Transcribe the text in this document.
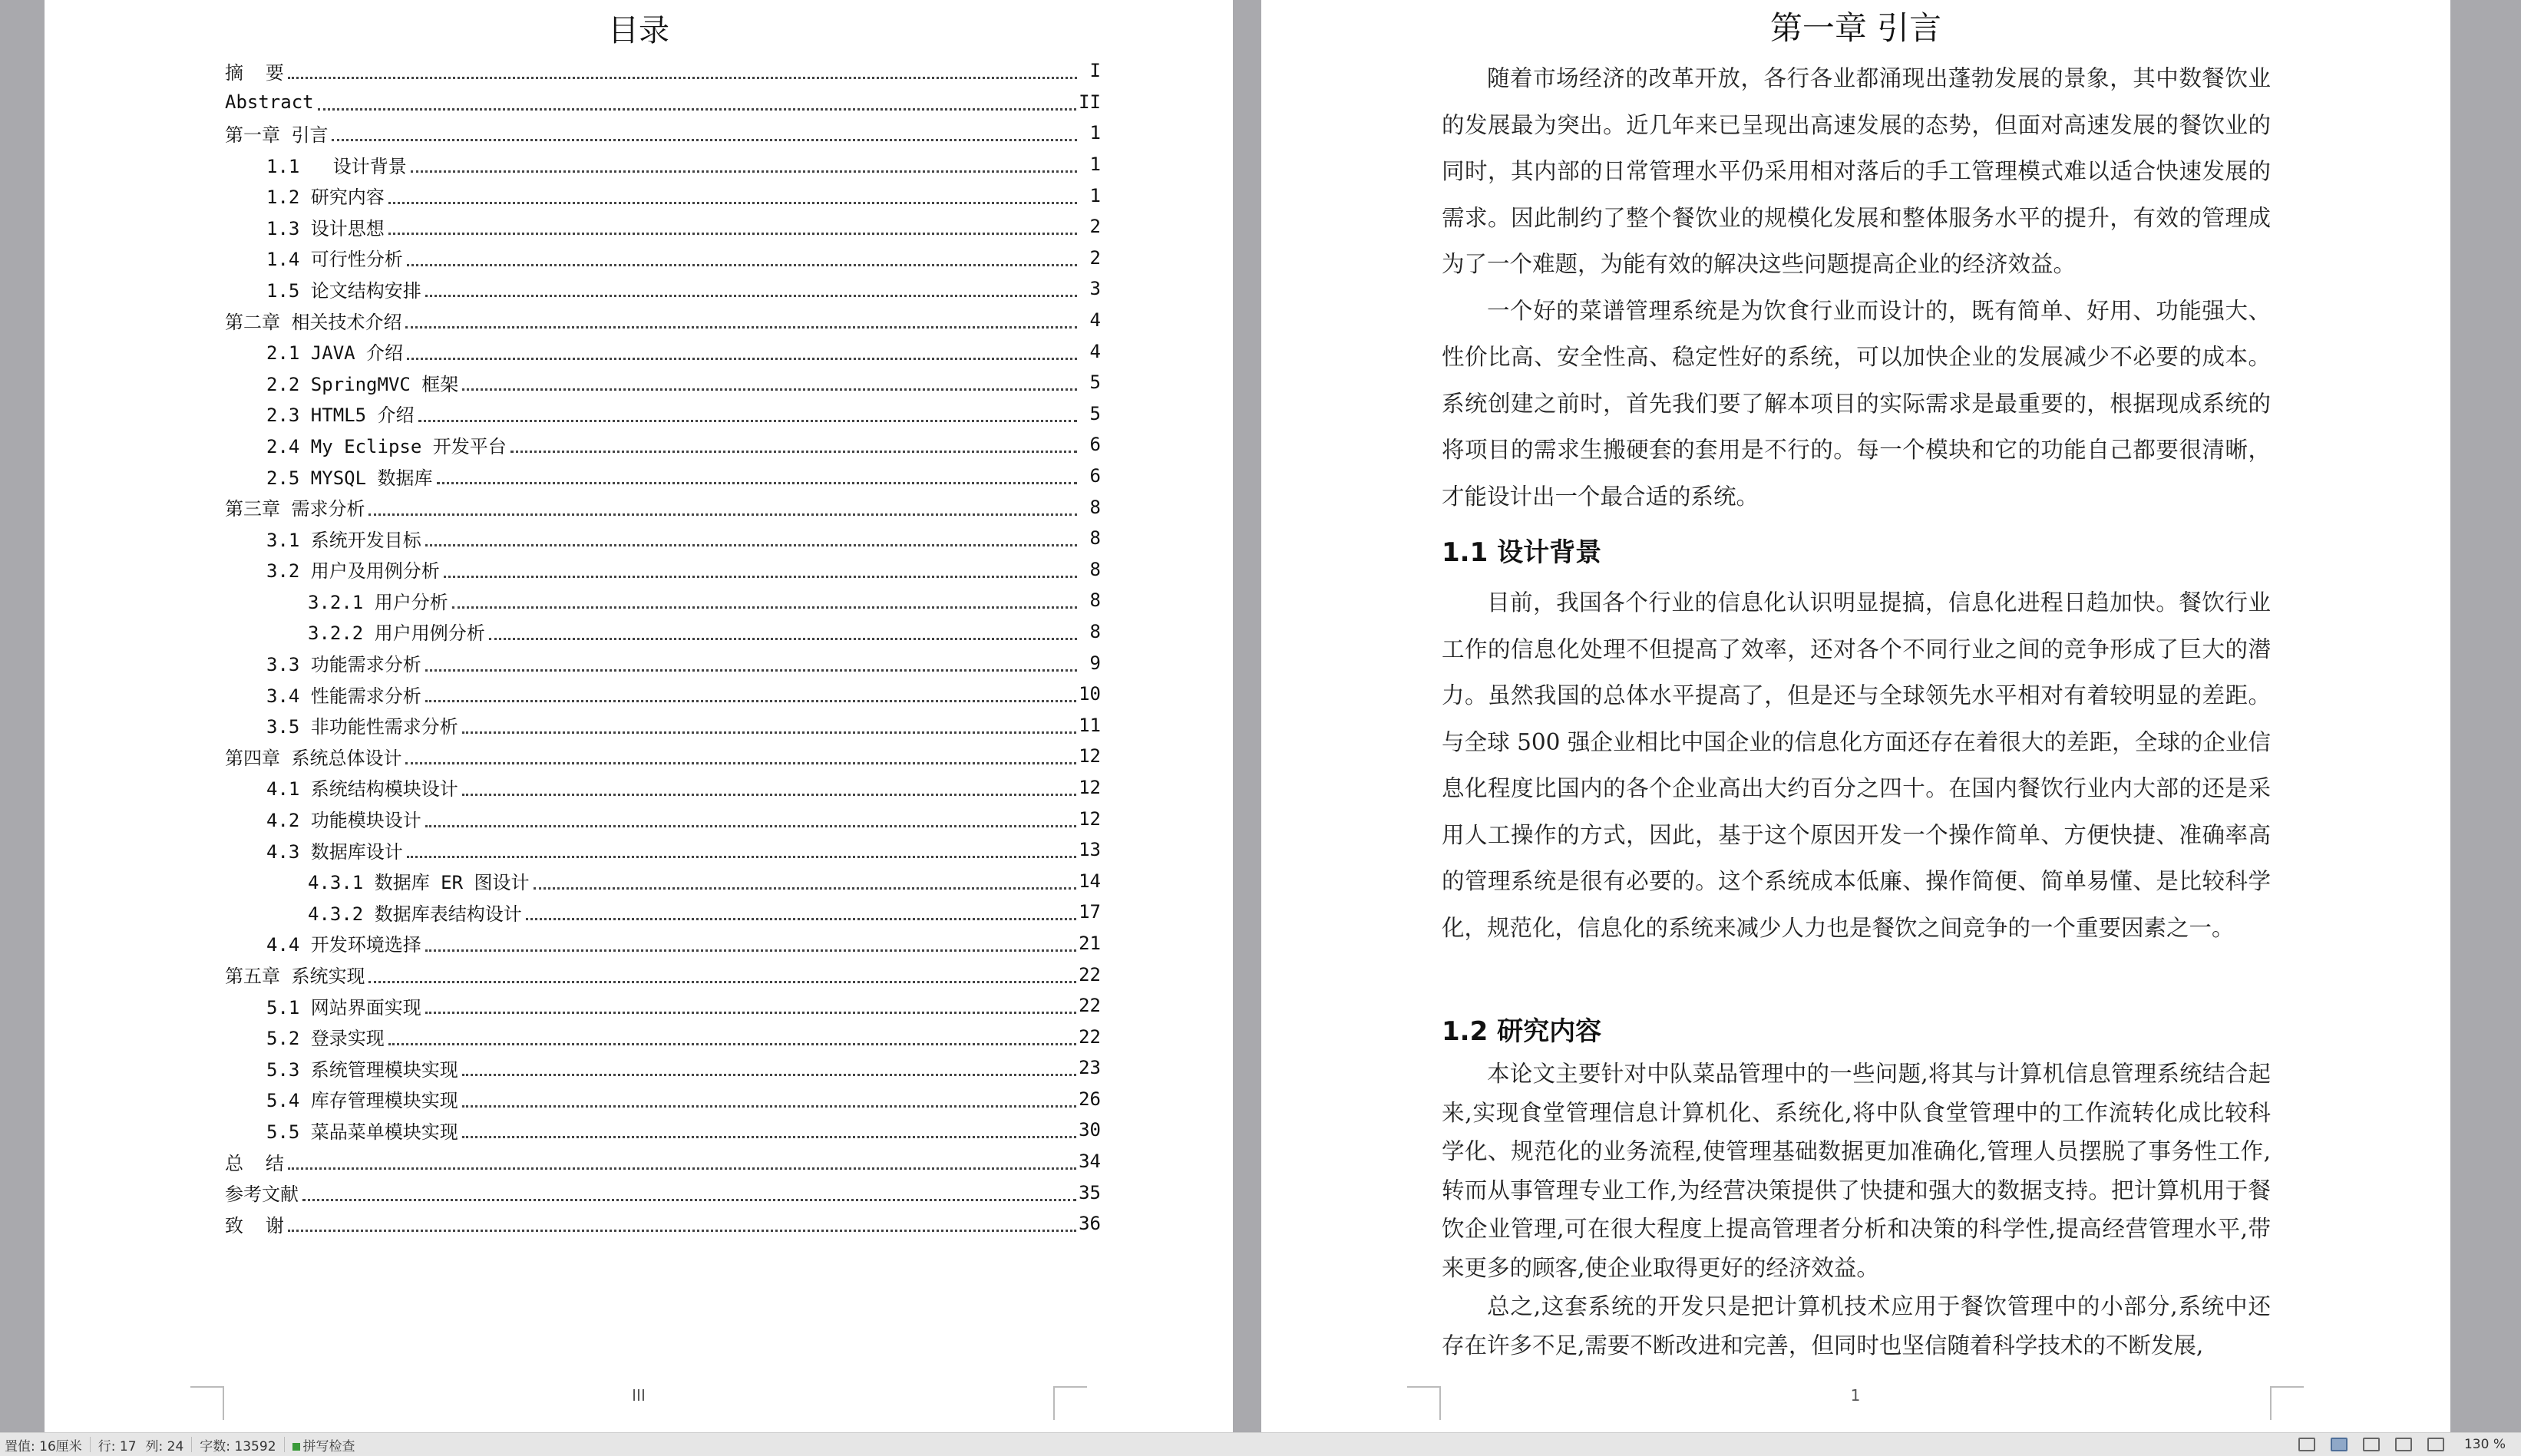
目录
摘  要	I
Abstract	II
第一章 引言	1
1.1   设计背景	1
1.2 研究内容	1
1.3 设计思想	2
1.4 可行性分析	2
1.5 论文结构安排	3
第二章 相关技术介绍	4
2.1 JAVA 介绍	4
2.2 SpringMVC 框架	5
2.3 HTML5 介绍	5
2.4 My Eclipse 开发平台	6
2.5 MYSQL 数据库	6
第三章 需求分析	8
3.1 系统开发目标	8
3.2 用户及用例分析	8
3.2.1 用户分析	8
3.2.2 用户用例分析	8
3.3 功能需求分析	9
3.4 性能需求分析	10
3.5 非功能性需求分析	11
第四章 系统总体设计	12
4.1 系统结构模块设计	12
4.2 功能模块设计	12
4.3 数据库设计	13
4.3.1 数据库 ER 图设计	14
4.3.2 数据库表结构设计	17
4.4 开发环境选择	21
第五章 系统实现	22
5.1 网站界面实现	22
5.2 登录实现	22
5.3 系统管理模块实现	23
5.4 库存管理模块实现	26
5.5 菜品菜单模块实现	30
总  结	34
参考文献	35
致  谢	36
III
第一章 引言

随着市场经济的改革开放，各行各业都涌现出蓬勃发展的景象，其中数餐饮业的发展最为突出。近几年来已呈现出高速发展的态势，但面对高速发展的餐饮业的同时，其内部的日常管理水平仍采用相对落后的手工管理模式难以适合快速发展的需求。因此制约了整个餐饮业的规模化发展和整体服务水平的提升，有效的管理成为了一个难题，为能有效的解决这些问题提高企业的经济效益。

一个好的菜谱管理系统是为饮食行业而设计的，既有简单、好用、功能强大、性价比高、安全性高、稳定性好的系统，可以加快企业的发展减少不必要的成本。系统创建之前时，首先我们要了解本项目的实际需求是最重要的，根据现成系统的将项目的需求生搬硬套的套用是不行的。每一个模块和它的功能自己都要很清晰，才能设计出一个最合适的系统。

1.1 设计背景

目前，我国各个行业的信息化认识明显提搞，信息化进程日趋加快。餐饮行业工作的信息化处理不但提高了效率，还对各个不同行业之间的竞争形成了巨大的潜力。虽然我国的总体水平提高了，但是还与全球领先水平相对有着较明显的差距。与全球 500 强企业相比中国企业的信息化方面还存在着很大的差距，全球的企业信息化程度比国内的各个企业高出大约百分之四十。在国内餐饮行业内大部的还是采用人工操作的方式，因此，基于这个原因开发一个操作简单、方便快捷、准确率高的管理系统是很有必要的。这个系统成本低廉、操作简便、简单易懂、是比较科学化，规范化，信息化的系统来减少人力也是餐饮之间竞争的一个重要因素之一。

1.2 研究内容

本论文主要针对中队菜品管理中的一些问题,将其与计算机信息管理系统结合起来,实现食堂管理信息计算机化、系统化,将中队食堂管理中的工作流转化成比较科学化、规范化的业务流程,使管理基础数据更加准确化,管理人员摆脱了事务性工作,转而从事管理专业工作,为经营决策提供了快捷和强大的数据支持。把计算机用于餐饮企业管理,可在很大程度上提高管理者分析和决策的科学性,提高经营管理水平,带来更多的顾客,使企业取得更好的经济效益。

总之,这套系统的开发只是把计算机技术应用于餐饮管理中的小部分,系统中还存在许多不足,需要不断改进和完善，但同时也坚信随着科学技术的不断发展,

1
置值: 16厘米	行: 17 列: 24	字数: 13592	拼写检查	130 %
